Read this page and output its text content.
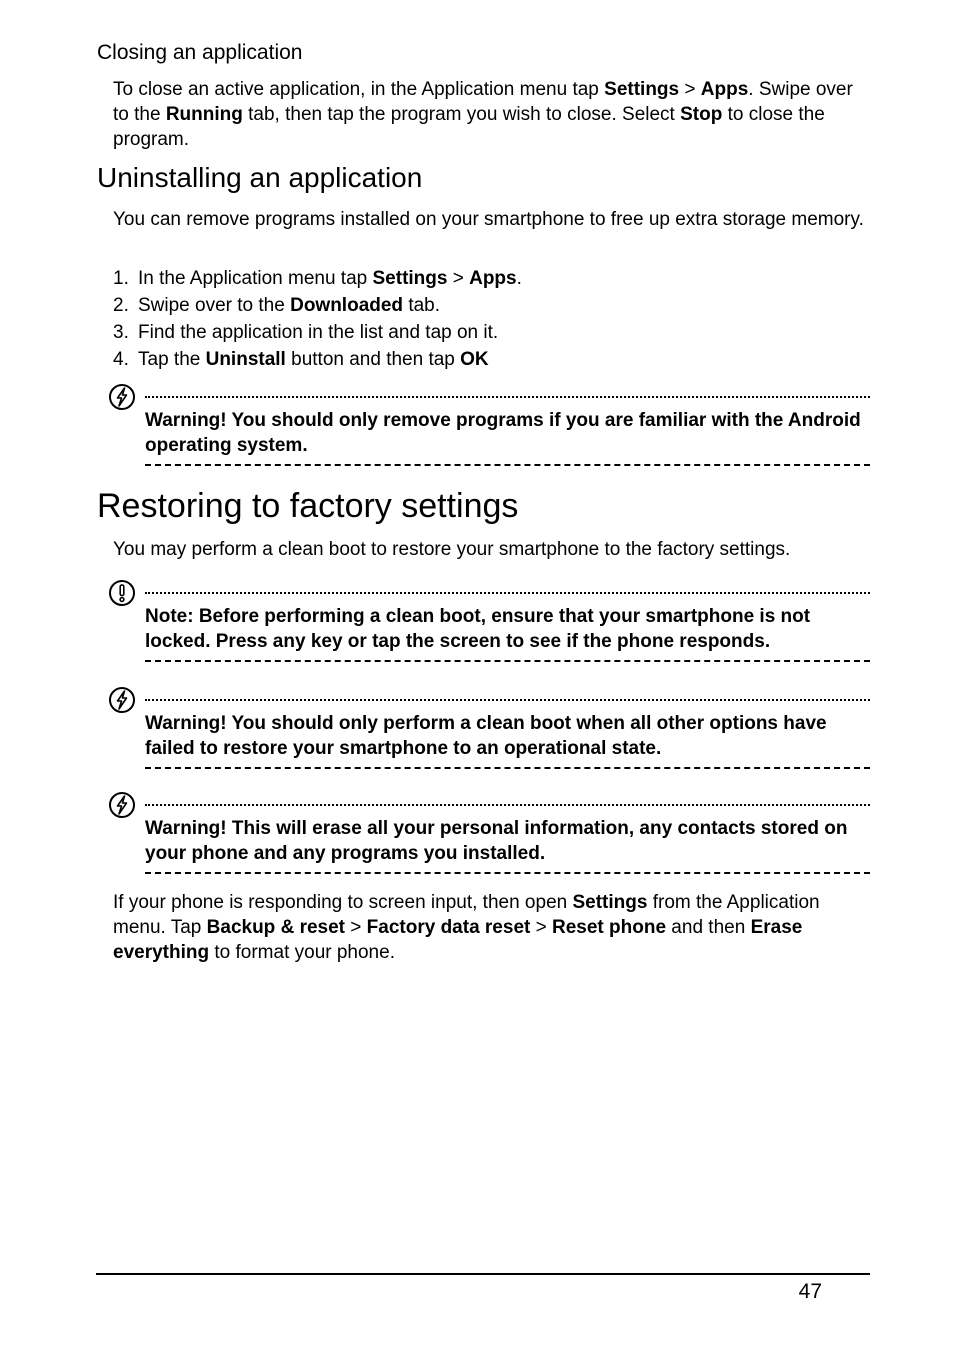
Closing an application
To close an active application, in the Application menu tap Settings > Apps. Swipe over to the Running tab, then tap the program you wish to close. Select Stop to close the program.
Uninstalling an application
You can remove programs installed on your smartphone to free up extra storage memory.
1. In the Application menu tap Settings > Apps.
2. Swipe over to the Downloaded tab.
3. Find the application in the list and tap on it.
4. Tap the Uninstall button and then tap OK
Warning! You should only remove programs if you are familiar with the Android operating system.
Restoring to factory settings
You may perform a clean boot to restore your smartphone to the factory settings.
Note: Before performing a clean boot, ensure that your smartphone is not locked. Press any key or tap the screen to see if the phone responds.
Warning! You should only perform a clean boot when all other options have failed to restore your smartphone to an operational state.
Warning! This will erase all your personal information, any contacts stored on your phone and any programs you installed.
If your phone is responding to screen input, then open Settings from the Application menu. Tap Backup & reset > Factory data reset > Reset phone and then Erase everything to format your phone.
47
